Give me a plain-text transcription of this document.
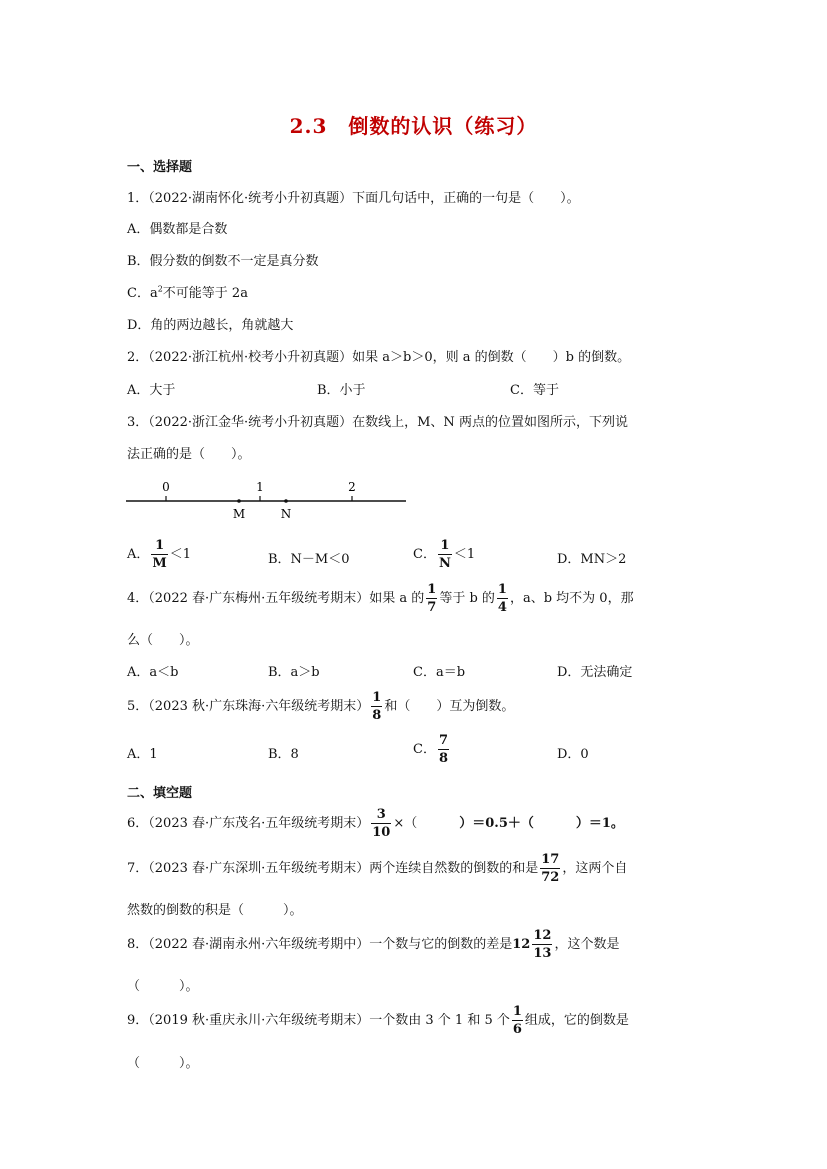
2.3　倒数的认识（练习）
一、选择题
1．（2022·湖南怀化·统考小升初真题）下面几句话中，正确的一句是（　　）。
A．偶数都是合数
B．假分数的倒数不一定是真分数
C．$a^2$不可能等于 2a
D．角的两边越长，角就越大
2．（2022·浙江杭州·校考小升初真题）如果 a＞b＞0，则 a 的倒数（　　）b 的倒数。
A．大于	B．小于	C．等于
3．（2022·浙江金华·统考小升初真题）在数线上，M、N 两点的位置如图所示，下列说
法正确的是（　　）。
0	1	2
M	N
A． $\frac{1}{M} <1$	B．N－M＜0	C． $\frac{1}{N} <1$	D．MN＞2
4．（2022 春·广东梅州·五年级统考期末）如果 a 的 $\frac{1}{7}$ 等于 b 的 $\frac{1}{4}$ ，a、b 均不为 0，那
么（　　）。
A．a＜b	B．a＞b	C．a＝b	D．无法确定
5．（2023 秋·广东珠海·六年级统考期末） $\frac{1}{8}$ 和（　　）互为倒数。
A．1	B．8	C． $\frac{7}{8}$	D．0
二、填空题
6．（2023 春·广东茂名·五年级统考期末） $\frac{3}{10}$ ×（	）＝0.5＋（	）＝1。
7．（2023 春·广东深圳·五年级统考期末）两个连续自然数的倒数的和是 $\frac{17}{72}$ ，这两个自
然数的倒数的积是（　　　）。
8．（2022 春·湖南永州·六年级统考期中）一个数与它的倒数的差是 $12 \frac{12}{13}$ ，这个数是
（　　　）。
9．（2019 秋·重庆永川·六年级统考期末）一个数由 3 个 1 和 5 个 $\frac{1}{6}$ 组成，它的倒数是
（　　　）。
